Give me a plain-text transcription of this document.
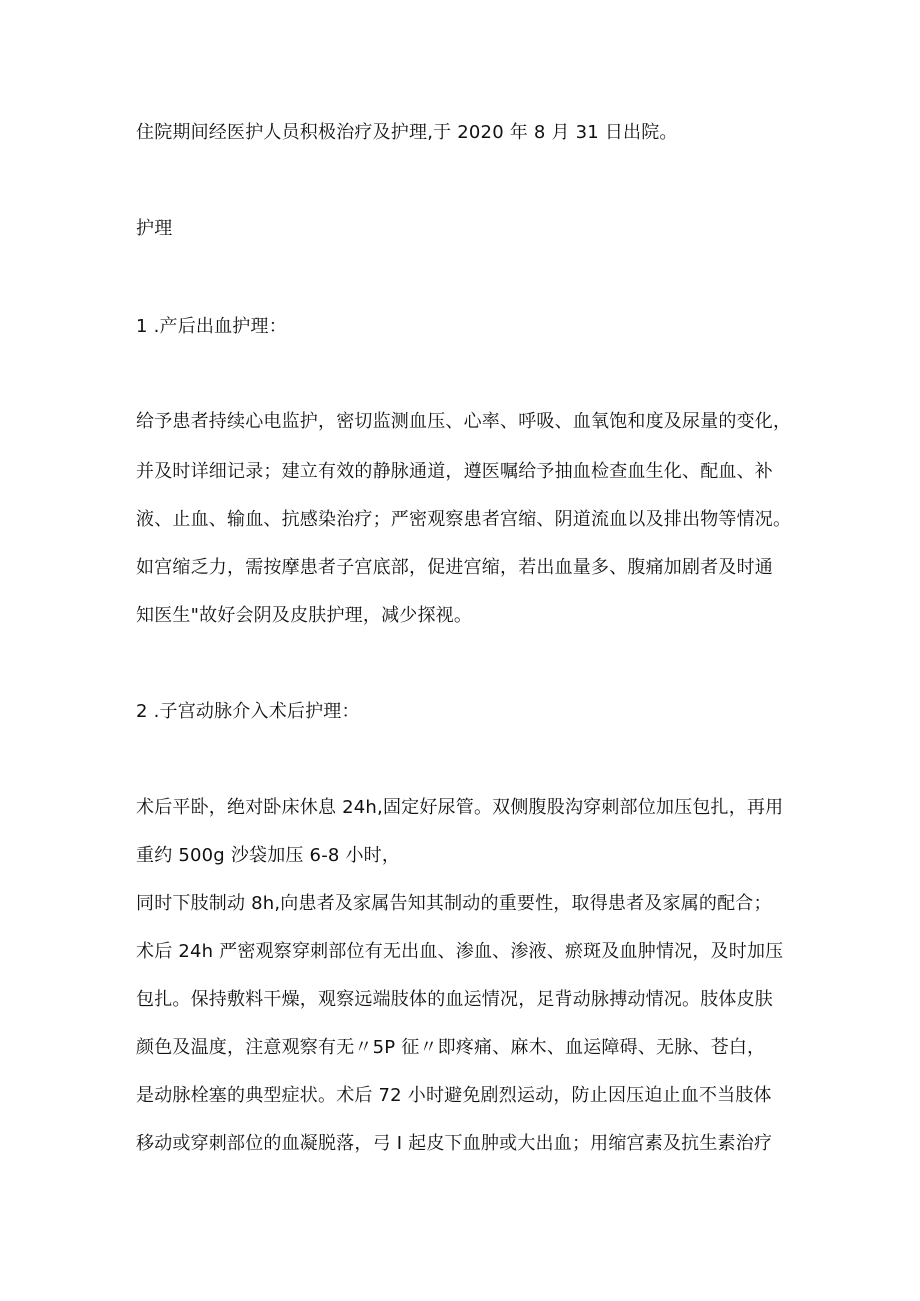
住院期间经医护人员积极治疗及护理,于 2020 年 8 月 31 日出院。
护理
1 .产后出血护理：
给予患者持续心电监护，密切监测血压、心率、呼吸、血氧饱和度及尿量的变化，
并及时详细记录；建立有效的静脉通道，遵医嘱给予抽血检查血生化、配血、补
液、止血、输血、抗感染治疗；严密观察患者宫缩、阴道流血以及排出物等情况。
如宫缩乏力，需按摩患者子宫底部，促进宫缩，若出血量多、腹痛加剧者及时通
知医生"故好会阴及皮肤护理，减少探视。
2 .子宫动脉介入术后护理：
术后平卧，绝对卧床休息 24h,固定好尿管。双侧腹股沟穿刺部位加压包扎，再用
重约 500g 沙袋加压 6-8 小时，
同时下肢制动 8h,向患者及家属告知其制动的重要性，取得患者及家属的配合；
术后 24h 严密观察穿刺部位有无出血、渗血、渗液、瘀斑及血肿情况，及时加压
包扎。保持敷料干燥，观察远端肢体的血运情况，足背动脉搏动情况。肢体皮肤
颜色及温度，注意观察有无〃5P 征〃即疼痛、麻木、血运障碍、无脉、苍白，
是动脉栓塞的典型症状。术后 72 小时避免剧烈运动，防止因压迫止血不当肢体
移动或穿刺部位的血凝脱落，弓 I 起皮下血肿或大出血；用缩宫素及抗生素治疗
